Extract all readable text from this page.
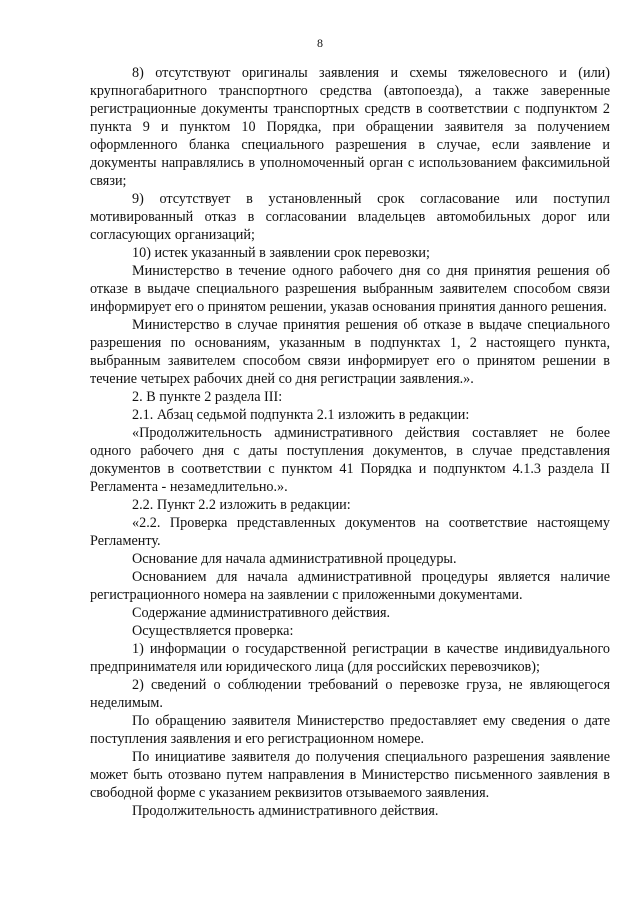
8

8) отсутствуют оригиналы заявления и схемы тяжеловесного и (или) крупногабаритного транспортного средства (автопоезда), а также заверенные регистрационные документы транспортных средств в соответствии с подпунктом 2 пункта 9 и пунктом 10 Порядка, при обращении заявителя за получением оформленного бланка специального разрешения в случае, если заявление и документы направлялись в уполномоченный орган с использованием факсимильной связи;

9) отсутствует в установленный срок согласование или поступил мотивированный отказ в согласовании владельцев автомобильных дорог или согласующих организаций;

10) истек указанный в заявлении срок перевозки;

Министерство в течение одного рабочего дня со дня принятия решения об отказе в выдаче специального разрешения выбранным заявителем способом связи информирует его о принятом решении, указав основания принятия данного решения.

Министерство в случае принятия решения об отказе в выдаче специального разрешения по основаниям, указанным в подпунктах 1, 2 настоящего пункта, выбранным заявителем способом связи информирует его о принятом решении в течение четырех рабочих дней со дня регистрации заявления.».

2. В пункте 2 раздела III:

2.1. Абзац седьмой подпункта 2.1 изложить в редакции:

«Продолжительность административного действия составляет не более одного рабочего дня с даты поступления документов, в случае представления документов в соответствии с пунктом 41 Порядка и подпунктом 4.1.3 раздела II Регламента - незамедлительно.».

2.2. Пункт 2.2 изложить в редакции:

«2.2. Проверка представленных документов на соответствие настоящему Регламенту.

Основание для начала административной процедуры.

Основанием для начала административной процедуры является наличие регистрационного номера на заявлении с приложенными документами.

Содержание административного действия.

Осуществляется проверка:

1) информации о государственной регистрации в качестве индивидуального предпринимателя или юридического лица (для российских перевозчиков);

2) сведений о соблюдении требований о перевозке груза, не являющегося неделимым.

По обращению заявителя Министерство предоставляет ему сведения о дате поступления заявления и его регистрационном номере.

По инициативе заявителя до получения специального разрешения заявление может быть отозвано путем направления в Министерство письменного заявления в свободной форме с указанием реквизитов отзываемого заявления.

Продолжительность административного действия.
